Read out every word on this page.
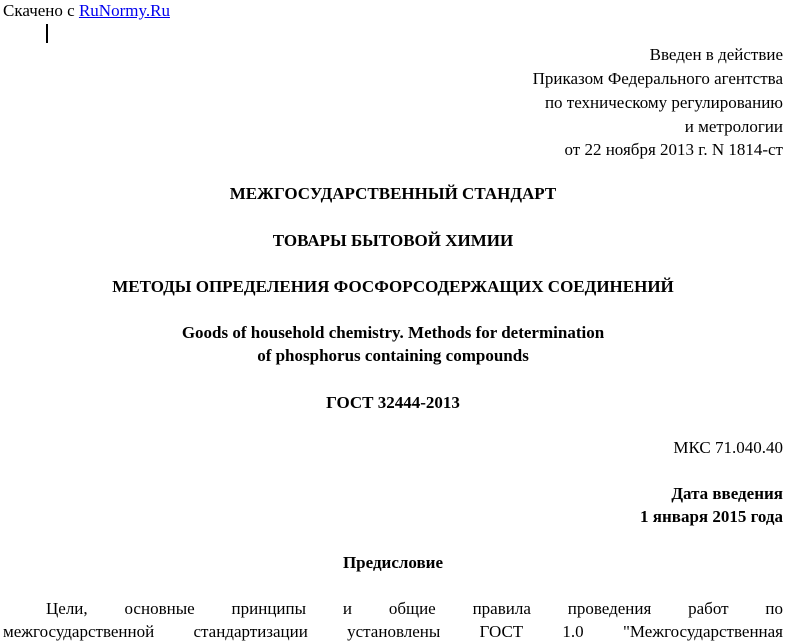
Скачено с RuNormy.Ru
Введен в действие
Приказом Федерального агентства
по техническому регулированию
и метрологии
от 22 ноября 2013 г. N 1814-ст
МЕЖГОСУДАРСТВЕННЫЙ СТАНДАРТ
ТОВАРЫ БЫТОВОЙ ХИМИИ
МЕТОДЫ ОПРЕДЕЛЕНИЯ ФОСФОРСОДЕРЖАЩИХ СОЕДИНЕНИЙ
Goods of household chemistry. Methods for determination
of phosphorus containing compounds
ГОСТ 32444-2013
МКС 71.040.40
Дата введения
1 января 2015 года
Предисловие
Цели, основные принципы и общие правила проведения работ по
межгосударственной стандартизации установлены ГОСТ 1.0 "Межгосударственная
